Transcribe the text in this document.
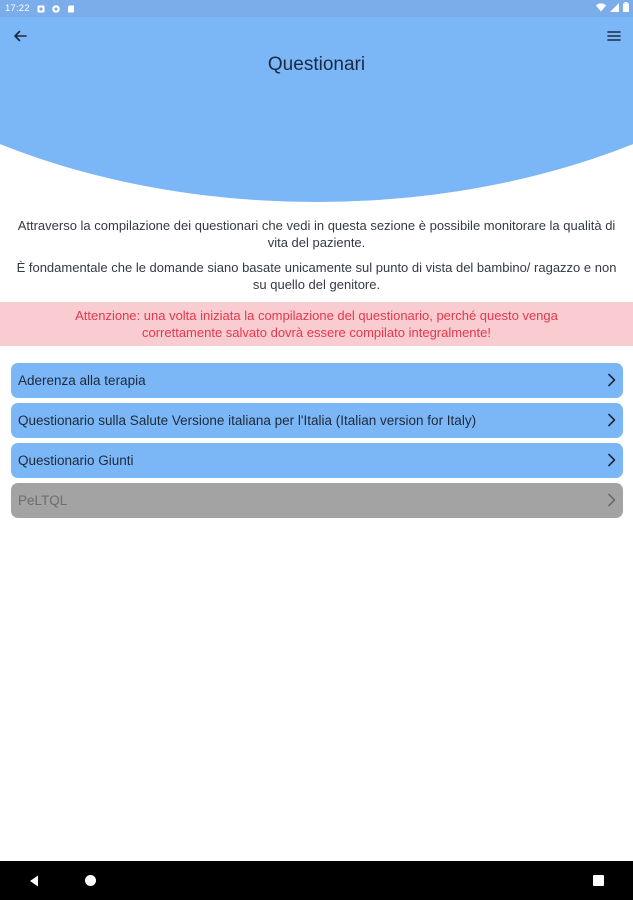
17:22
Questionari

Attraverso la compilazione dei questionari che vedi in questa sezione è possibile monitorare la qualità di vita del paziente.

È fondamentale che le domande siano basate unicamente sul punto di vista del bambino/ ragazzo e non su quello del genitore.

Attenzione: una volta iniziata la compilazione del questionario, perché questo venga correttamente salvato dovrà essere compilato integralmente!
Aderenza alla terapia
Questionario sulla Salute Versione italiana per l'Italia (Italian version for Italy)
Questionario Giunti
PeLTQL
